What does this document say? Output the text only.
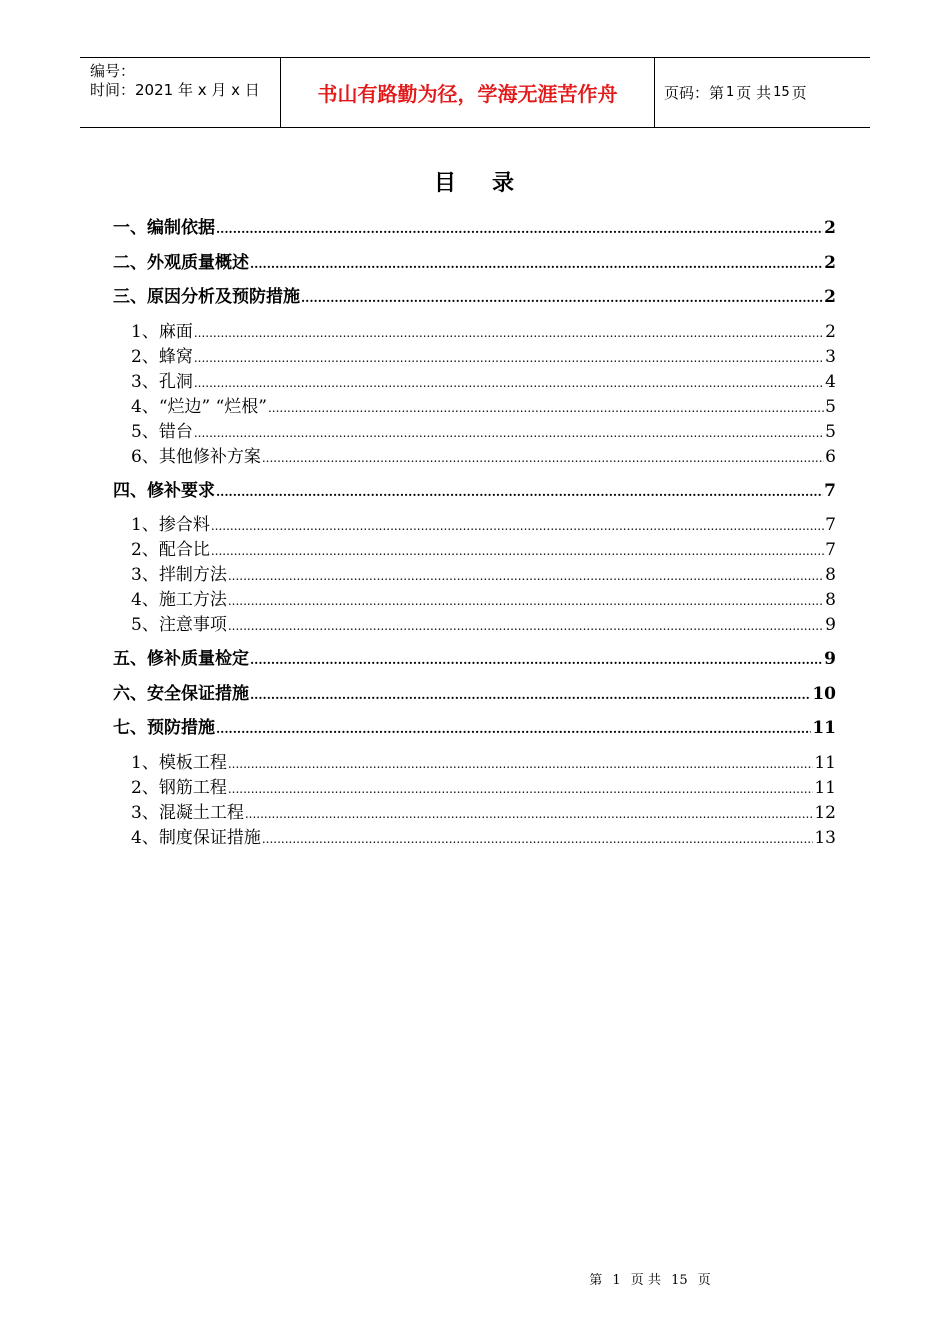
编号：
时间：2021 年 x 月 x 日	书山有路勤为径，学海无涯苦作舟	页码：第 1 页 共 15 页
目 录
一、编制依据 .....	2
二、外观质量概述 .....	2
三、原因分析及预防措施 .....	2
1、麻面 .....	2
2、蜂窝 .....	3
3、孔洞 .....	4
4、“烂边” “烂根” .....	5
5、错台 .....	5
6、其他修补方案 .....	6
四、修补要求 .....	7
1、掺合料 .....	7
2、配合比 .....	7
3、拌制方法 .....	8
4、施工方法 .....	8
5、注意事项 .....	9
五、修补质量检定 .....	9
六、安全保证措施 .....	10
七、预防措施 .....	11
1、模板工程 .....	11
2、钢筋工程 .....	11
3、混凝土工程 .....	12
4、制度保证措施 .....	13
第 1 页 共 15 页
